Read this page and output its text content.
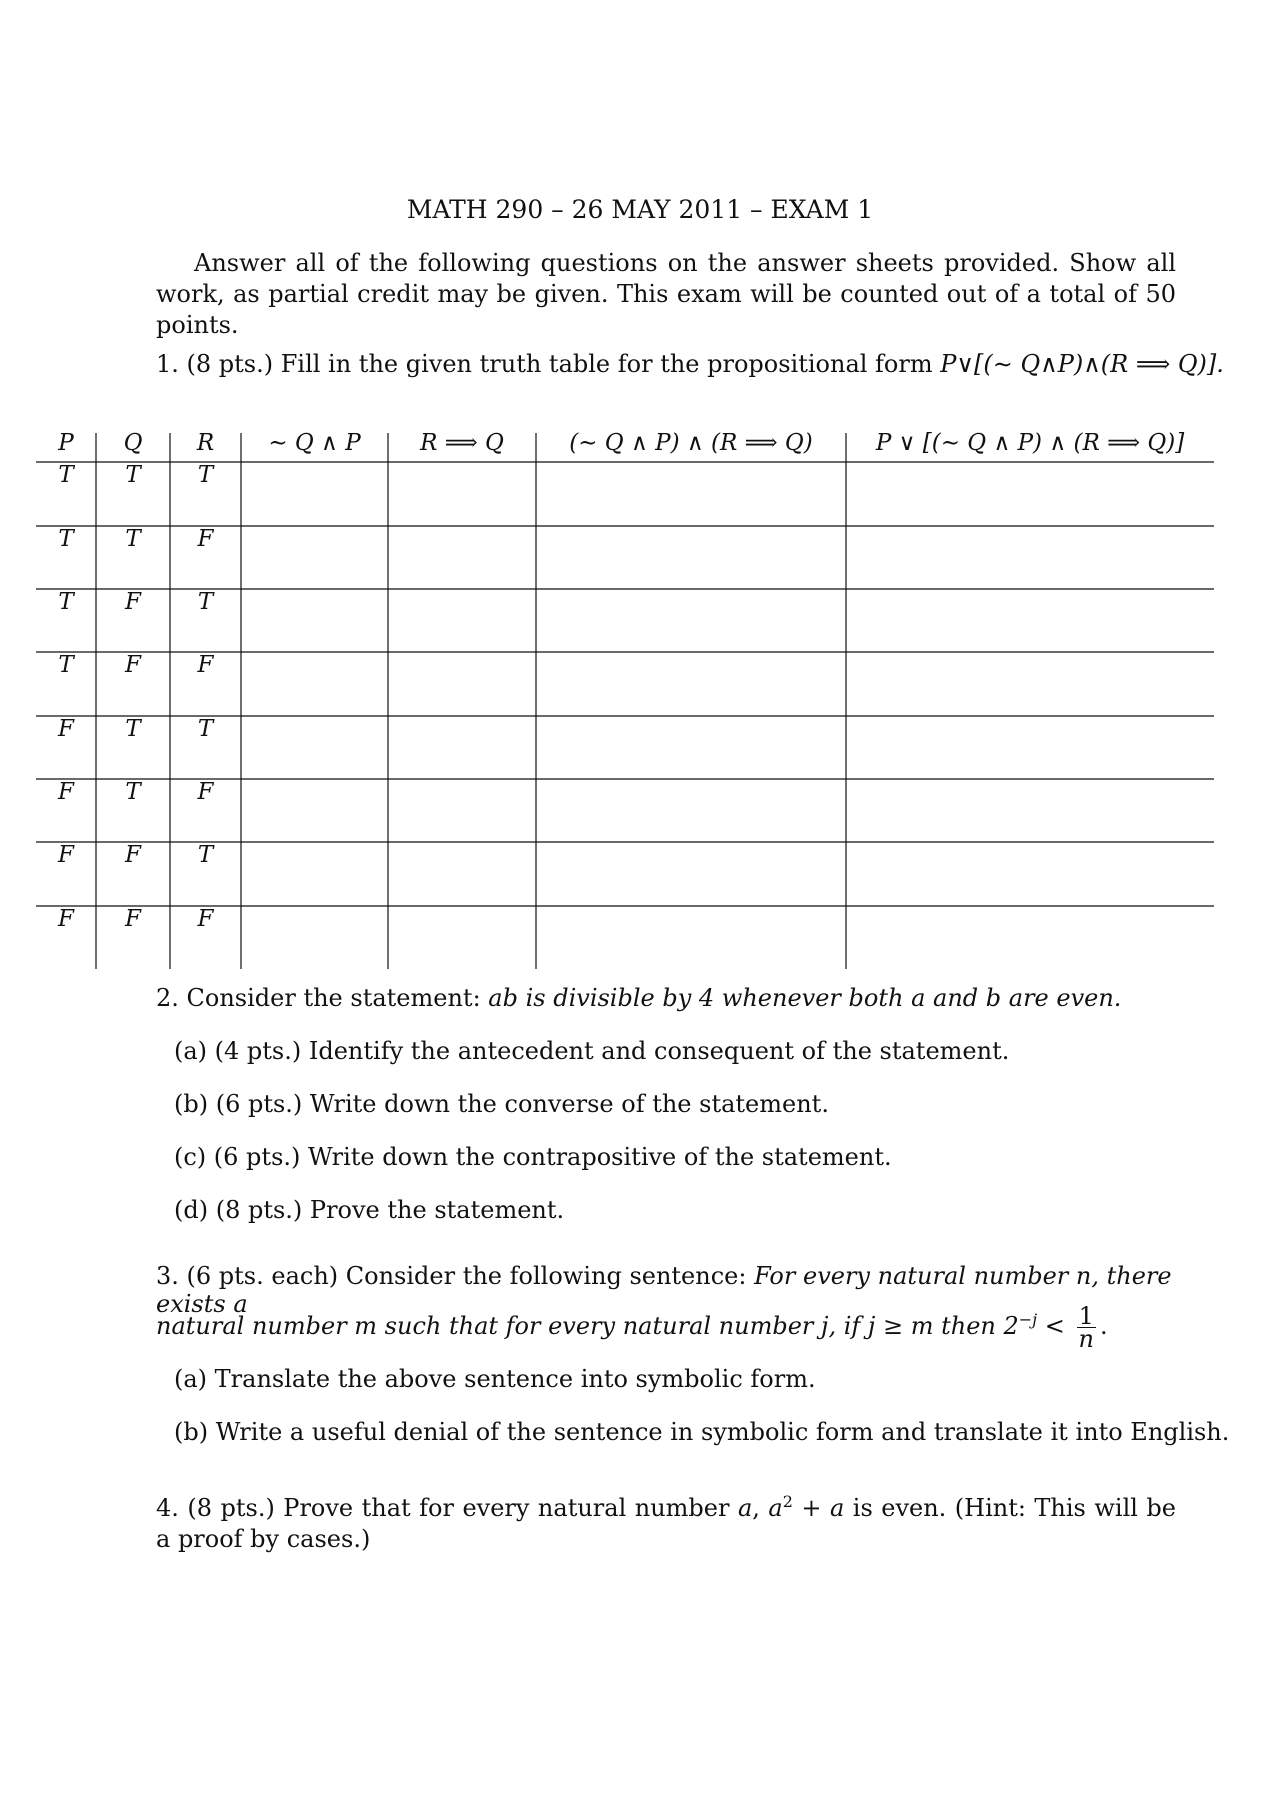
MATH 290 – 26 MAY 2011 – EXAM 1
Answer all of the following questions on the answer sheets provided. Show all work, as partial credit may be given. This exam will be counted out of a total of 50 points.
1. (8 pts.) Fill in the given truth table for the propositional form P∨[(∼ Q∧P)∧(R ⟹ Q)].
P	Q	R	∼ Q ∧ P	R ⟹ Q	(∼ Q ∧ P) ∧ (R ⟹ Q)	P ∨ [(∼ Q ∧ P) ∧ (R ⟹ Q)]
T	T	T
T	T	F
T	F	T
T	F	F
F	T	T
F	T	F
F	F	T
F	F	F
2. Consider the statement: ab is divisible by 4 whenever both a and b are even.
(a) (4 pts.) Identify the antecedent and consequent of the statement.
(b) (6 pts.) Write down the converse of the statement.
(c) (6 pts.) Write down the contrapositive of the statement.
(d) (8 pts.) Prove the statement.
3. (6 pts. each) Consider the following sentence: For every natural number n, there exists a
natural number m such that for every natural number j, if j ≥ m then $2^{-j} < \frac{1}{n}$ .
(a) Translate the above sentence into symbolic form.
(b) Write a useful denial of the sentence in symbolic form and translate it into English.
4. (8 pts.) Prove that for every natural number a, $a^2 + a$ is even. (Hint: This will be a proof by cases.)
